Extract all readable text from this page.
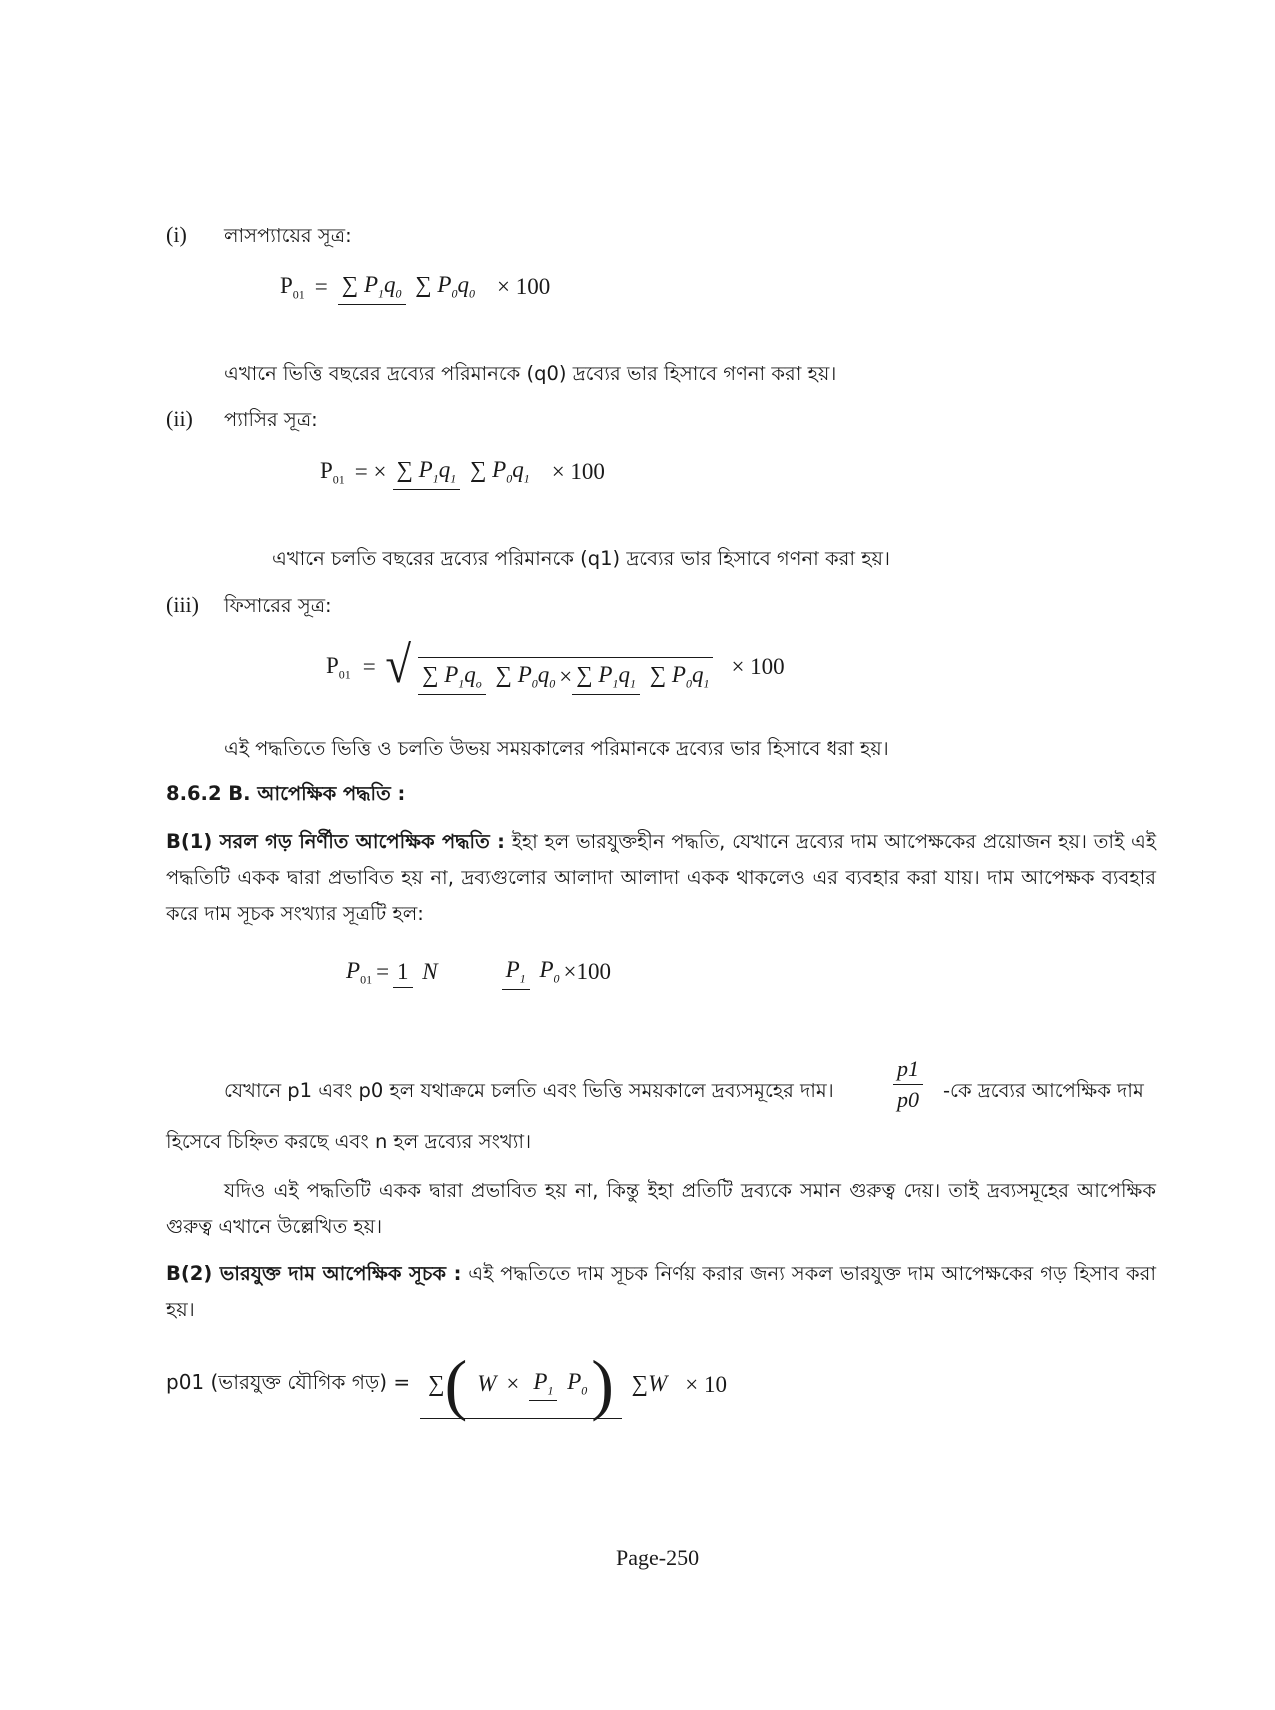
(i) লাসপ্যায়ের সূত্র:
$P_{01}$ = ∑ $P_1q_0$ ∑ $P_0q_0 \times 100$
এখানে ভিত্তি বছরের দ্রব্যের পরিমানকে (q0) দ্রব্যের ভার হিসাবে গণনা করা হয়।
(ii) প্যাসির সূত্র:
$P_{01}$ = × ∑ $P_1q_1$ ∑ $P_0q_1 \times 100$
এখানে চলতি বছরের দ্রব্যের পরিমানকে (q1) দ্রব্যের ভার হিসাবে গণনা করা হয়।
(iii) ফিসারের সূত্র:
$P_{01}$ = √ ∑ $P_1q_o$ ∑ $P_0q_0$ × ∑ $P_1q_1$ ∑ $P_0q_1$
× 100
এই পদ্ধতিতে ভিত্তি ও চলতি উভয় সময়কালের পরিমানকে দ্রব্যের ভার হিসাবে ধরা হয়।
8.6.2 B. আপেক্ষিক পদ্ধতি :
B(1) সরল গড় নির্ণীত আপেক্ষিক পদ্ধতি : ইহা হল ভারযুক্তহীন পদ্ধতি, যেখানে দ্রব্যের দাম আপেক্ষকের প্রয়োজন হয়। তাই এই পদ্ধতিটি একক দ্বারা প্রভাবিত হয় না, দ্রব্যগুলোর আলাদা আলাদা একক থাকলেও এর ব্যবহার করা যায়। দাম আপেক্ষক ব্যবহার করে দাম সূচক সংখ্যার সূত্রটি হল:
$P_{01} = 1$ N	$P_1$ $P_0 \times 100$
যেখানে p1 এবং p0 হল যথাক্রমে চলতি এবং ভিত্তি সময়কালে দ্রব্যসমূহের দাম।	$\frac{p1}{p0}$ -কে দ্রব্যের আপেক্ষিক দাম
হিসেবে চিহ্নিত করছে এবং n হল দ্রব্যের সংখ্যা।
যদিও এই পদ্ধতিটি একক দ্বারা প্রভাবিত হয় না, কিন্তু ইহা প্রতিটি দ্রব্যকে সমান গুরুত্ব দেয়। তাই দ্রব্যসমূহের আপেক্ষিক গুরুত্ব এখানে উল্লেখিত হয়।
B(2) ভারযুক্ত দাম আপেক্ষিক সূচক : এই পদ্ধতিতে দাম সূচক নির্ণয় করার জন্য সকল ভারযুক্ত দাম আপেক্ষকের গড় হিসাব করা হয়।
p01 (ভারযুক্ত যৌগিক গড়) = ∑ ( $W \times P_1$ $P_0$ ) ∑W × 10
Page-250
